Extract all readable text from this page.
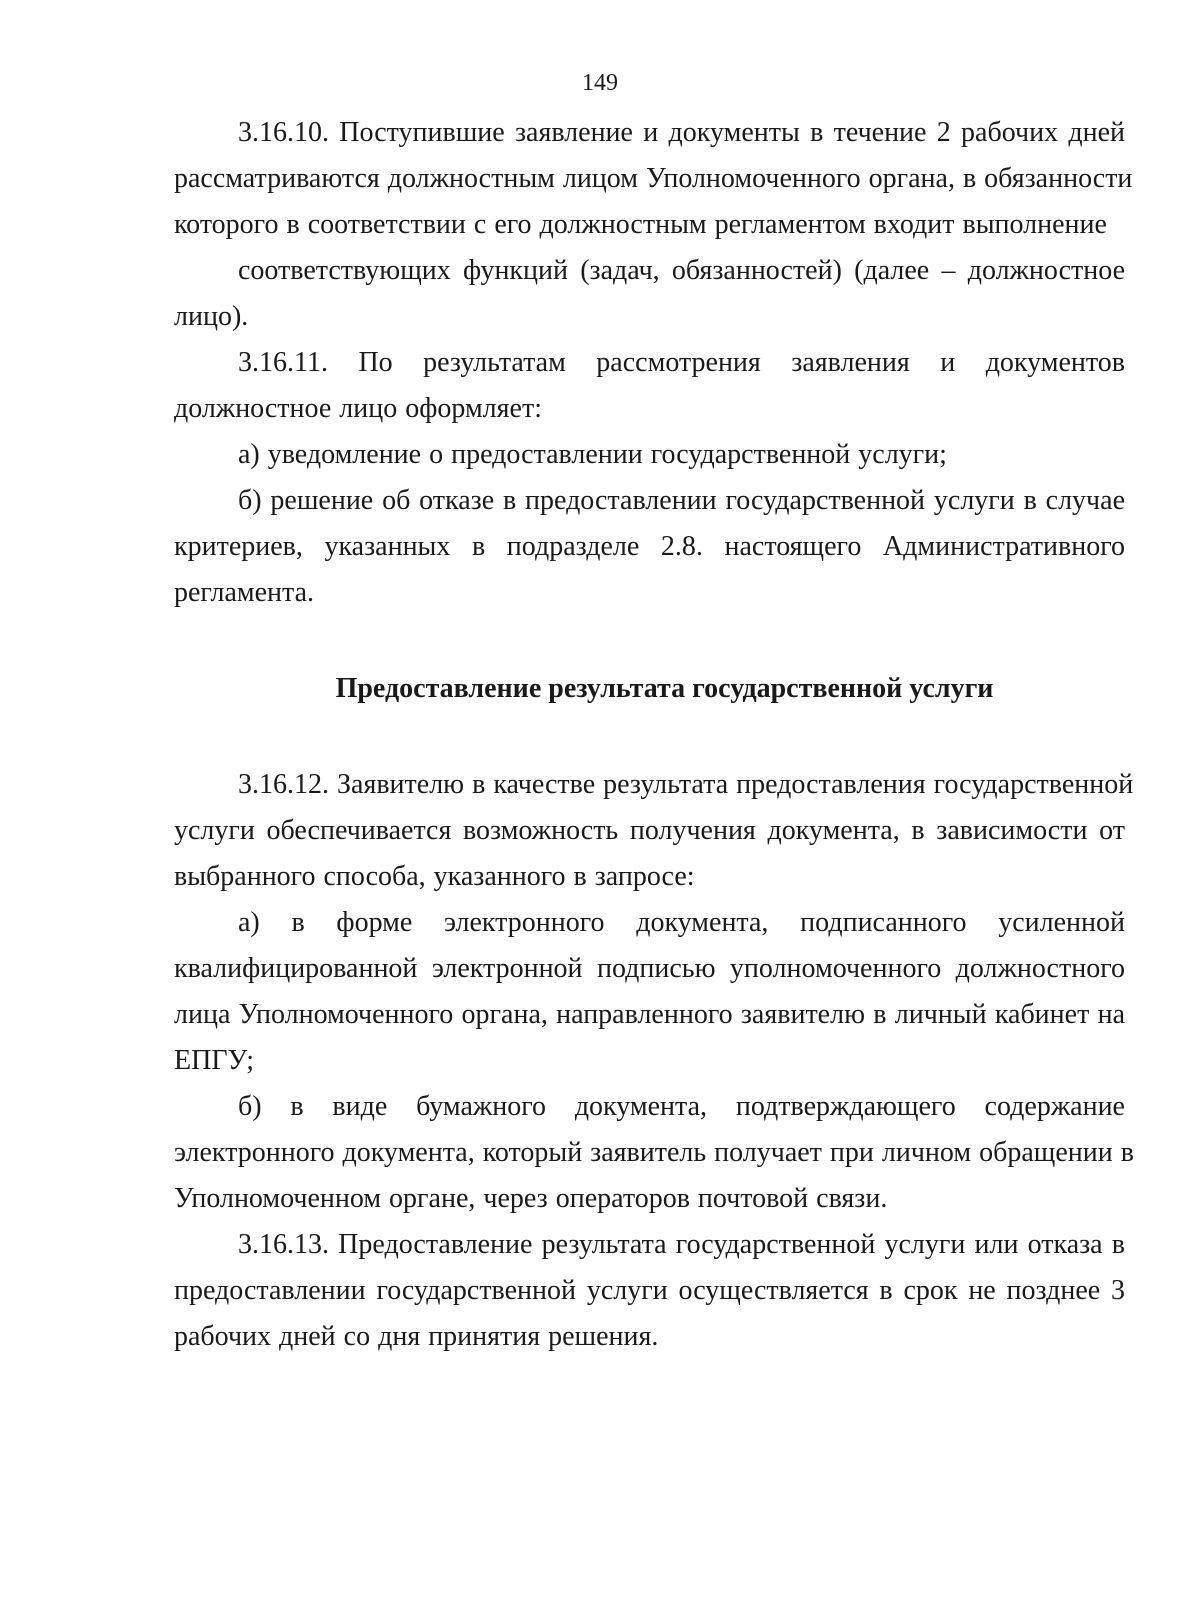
149
3.16.10. Поступившие заявление и документы в течение 2 рабочих дней
рассматриваются должностным лицом Уполномоченного органа, в обязанности
которого в соответствии с его должностным регламентом входит выполнение
соответствующих функций (задач, обязанностей) (далее – должностное
лицо).
3.16.11. По результатам рассмотрения заявления и документов
должностное лицо оформляет:
а) уведомление о предоставлении государственной услуги;
б) решение об отказе в предоставлении государственной услуги в случае
критериев, указанных в подразделе 2.8. настоящего Административного
регламента.
Предоставление результата государственной услуги
3.16.12. Заявителю в качестве результата предоставления государственной
услуги обеспечивается возможность получения документа, в зависимости от
выбранного способа, указанного в запросе:
а) в форме электронного документа, подписанного усиленной
квалифицированной электронной подписью уполномоченного должностного
лица Уполномоченного органа, направленного заявителю в личный кабинет на
ЕПГУ;
б) в виде бумажного документа, подтверждающего содержание
электронного документа, который заявитель получает при личном обращении в
Уполномоченном органе, через операторов почтовой связи.
3.16.13. Предоставление результата государственной услуги или отказа в
предоставлении государственной услуги осуществляется в срок не позднее 3
рабочих дней со дня принятия решения.
